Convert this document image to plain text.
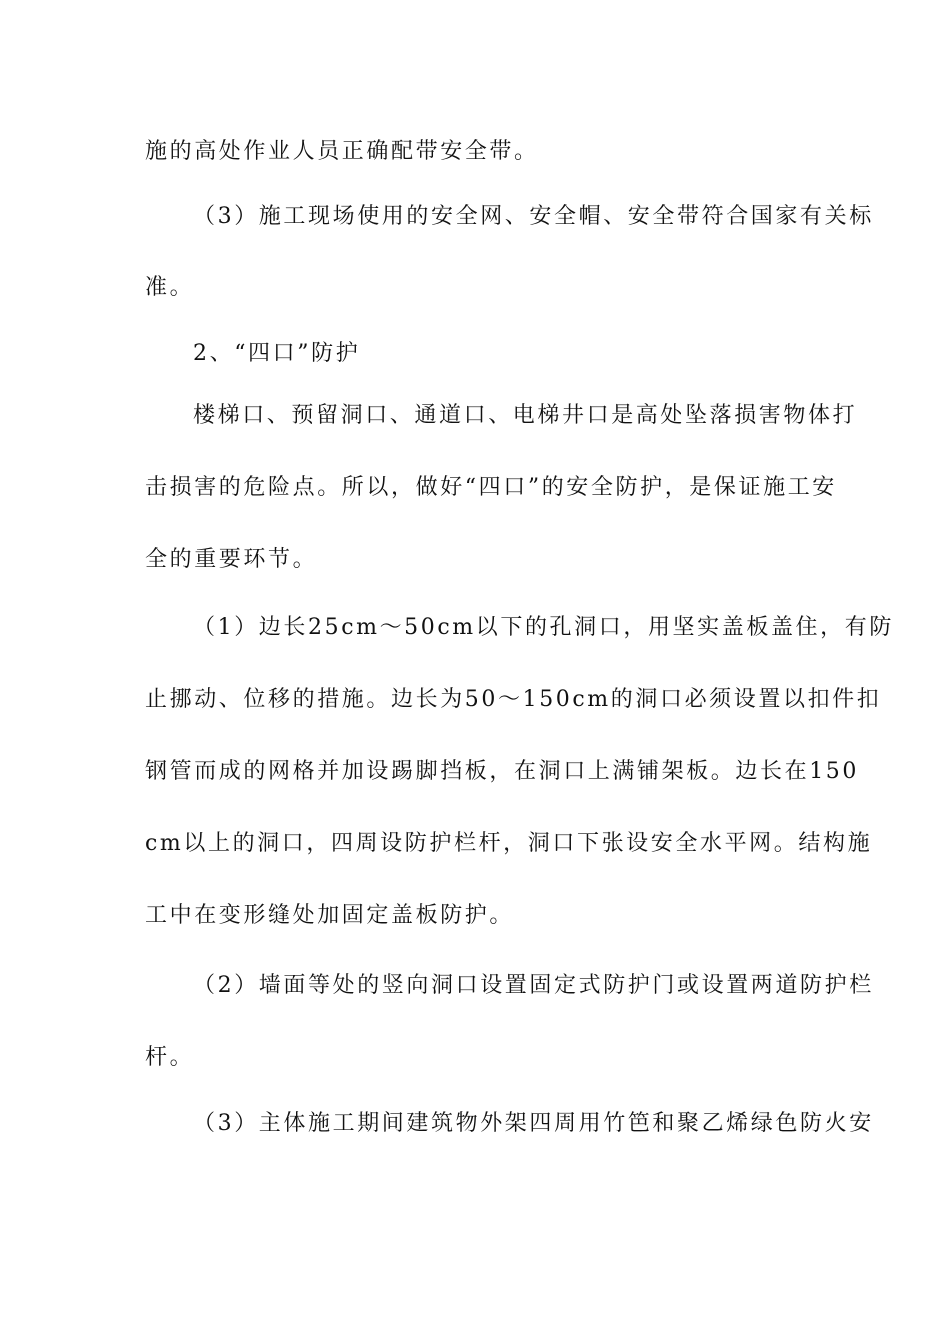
施的高处作业人员正确配带安全带。
（3）施工现场使用的安全网、安全帽、安全带符合国家有关标
准。
2、“四口”防护
楼梯口、预留洞口、通道口、电梯井口是高处坠落损害物体打
击损害的危险点。所以，做好“四口”的安全防护，是保证施工安
全的重要环节。
（1）边长25cm～50cm以下的孔洞口，用坚实盖板盖住，有防
止挪动、位移的措施。边长为50～150cm的洞口必须设置以扣件扣
钢管而成的网格并加设踢脚挡板，在洞口上满铺架板。边长在150
cm以上的洞口，四周设防护栏杆，洞口下张设安全水平网。结构施
工中在变形缝处加固定盖板防护。
（2）墙面等处的竖向洞口设置固定式防护门或设置两道防护栏
杆。
（3）主体施工期间建筑物外架四周用竹笆和聚乙烯绿色防火安
